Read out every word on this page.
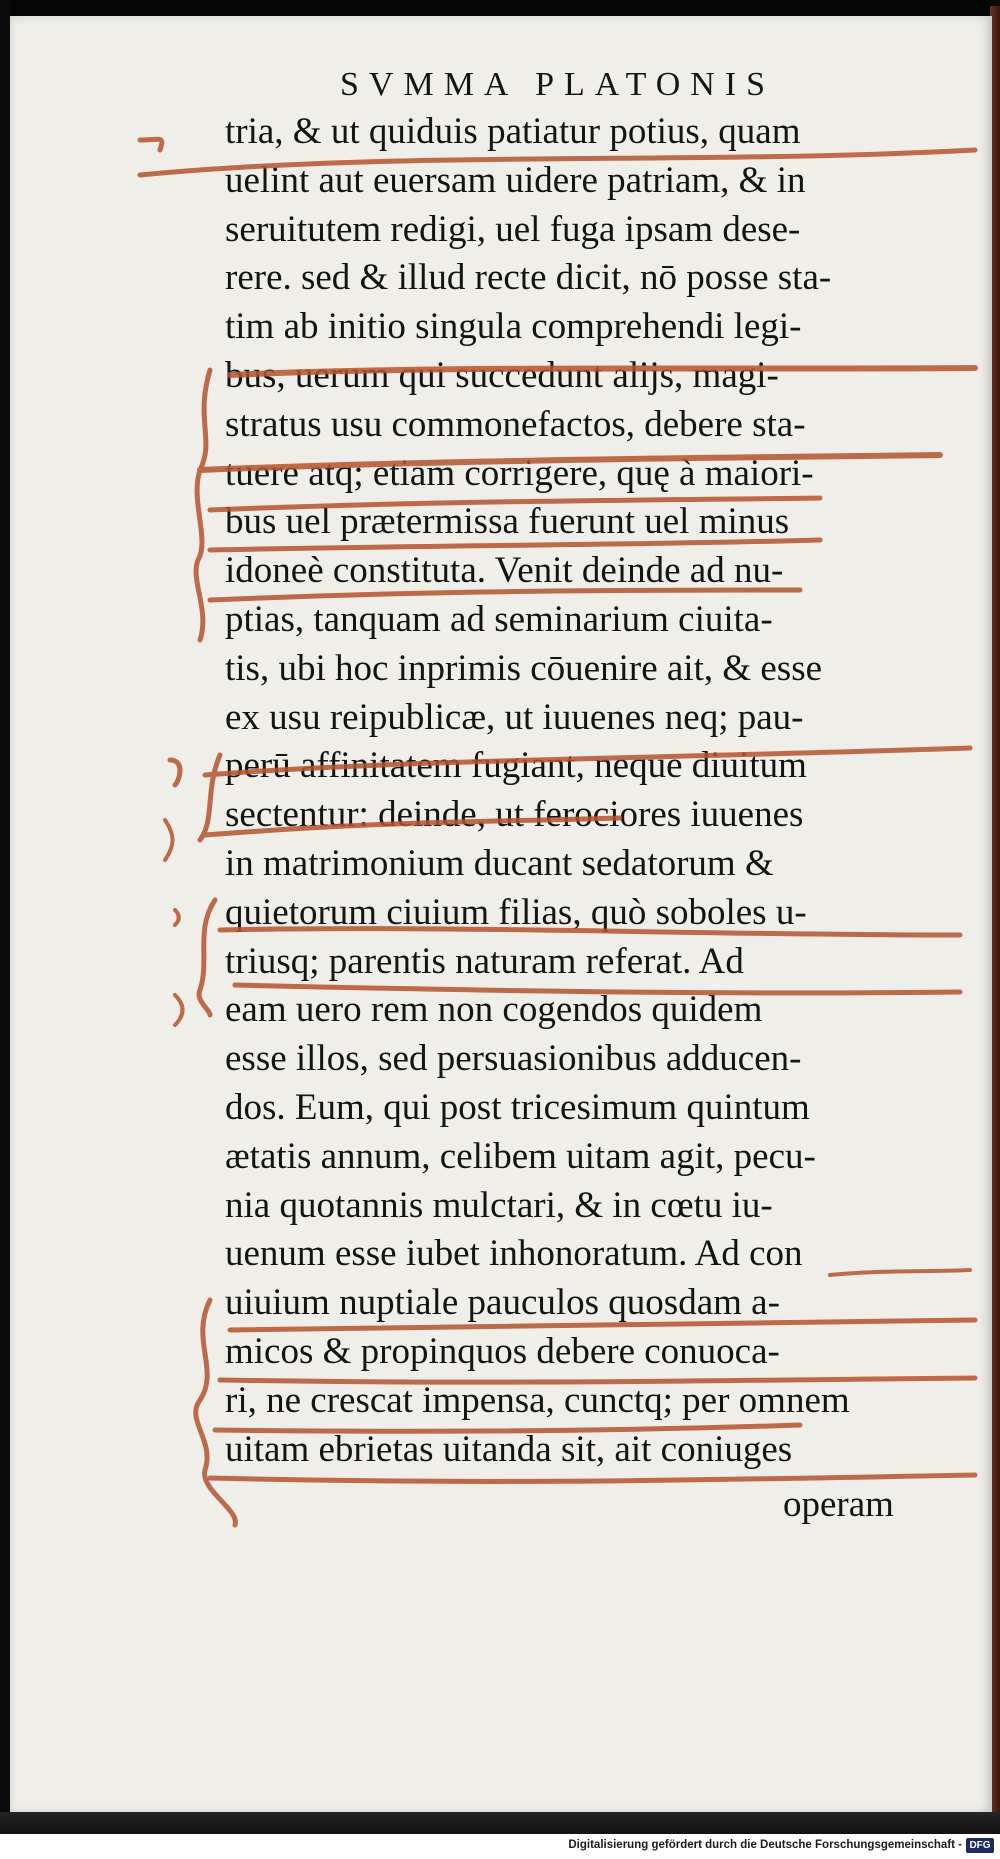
SVMMA PLATONIS
tria, & ut quiduis patiatur potius, quam
uelint aut euersam uidere patriam, & in
seruitutem redigi, uel fuga ipsam dese-
rere. sed & illud recte dicit, nō posse sta-
tim ab initio singula comprehendi legi-
bus, uerum qui succedunt alijs, magi-
stratus usu commonefactos, debere sta-
tuere atq; etiam corrigere, quę à maiori-
bus uel prætermissa fuerunt uel minus
idoneè constituta. Venit deinde ad nu-
ptias, tanquam ad seminarium ciuita-
tis, ubi hoc inprimis cōuenire ait, & esse
ex usu reipublicæ, ut iuuenes neq; pau-
perū affinitatem fugiant, neque diuitum
sectentur: deinde, ut ferociores iuuenes
in matrimonium ducant sedatorum &
quietorum ciuium filias, quò soboles u-
triusq; parentis naturam referat. Ad
eam uero rem non cogendos quidem
esse illos, sed persuasionibus adducen-
dos. Eum, qui post tricesimum quintum
ætatis annum, celibem uitam agit, pecu-
nia quotannis mulctari, & in cœtu iu-
uenum esse iubet inhonoratum. Ad con
uiuium nuptiale pauculos quosdam a-
micos & propinquos debere conuoca-
ri, ne crescat impensa, cunctq; per omnem
uitam ebrietas uitanda sit, ait coniuges
operam
Digitalisierung gefördert durch die Deutsche Forschungsgemeinschaft - DFG
